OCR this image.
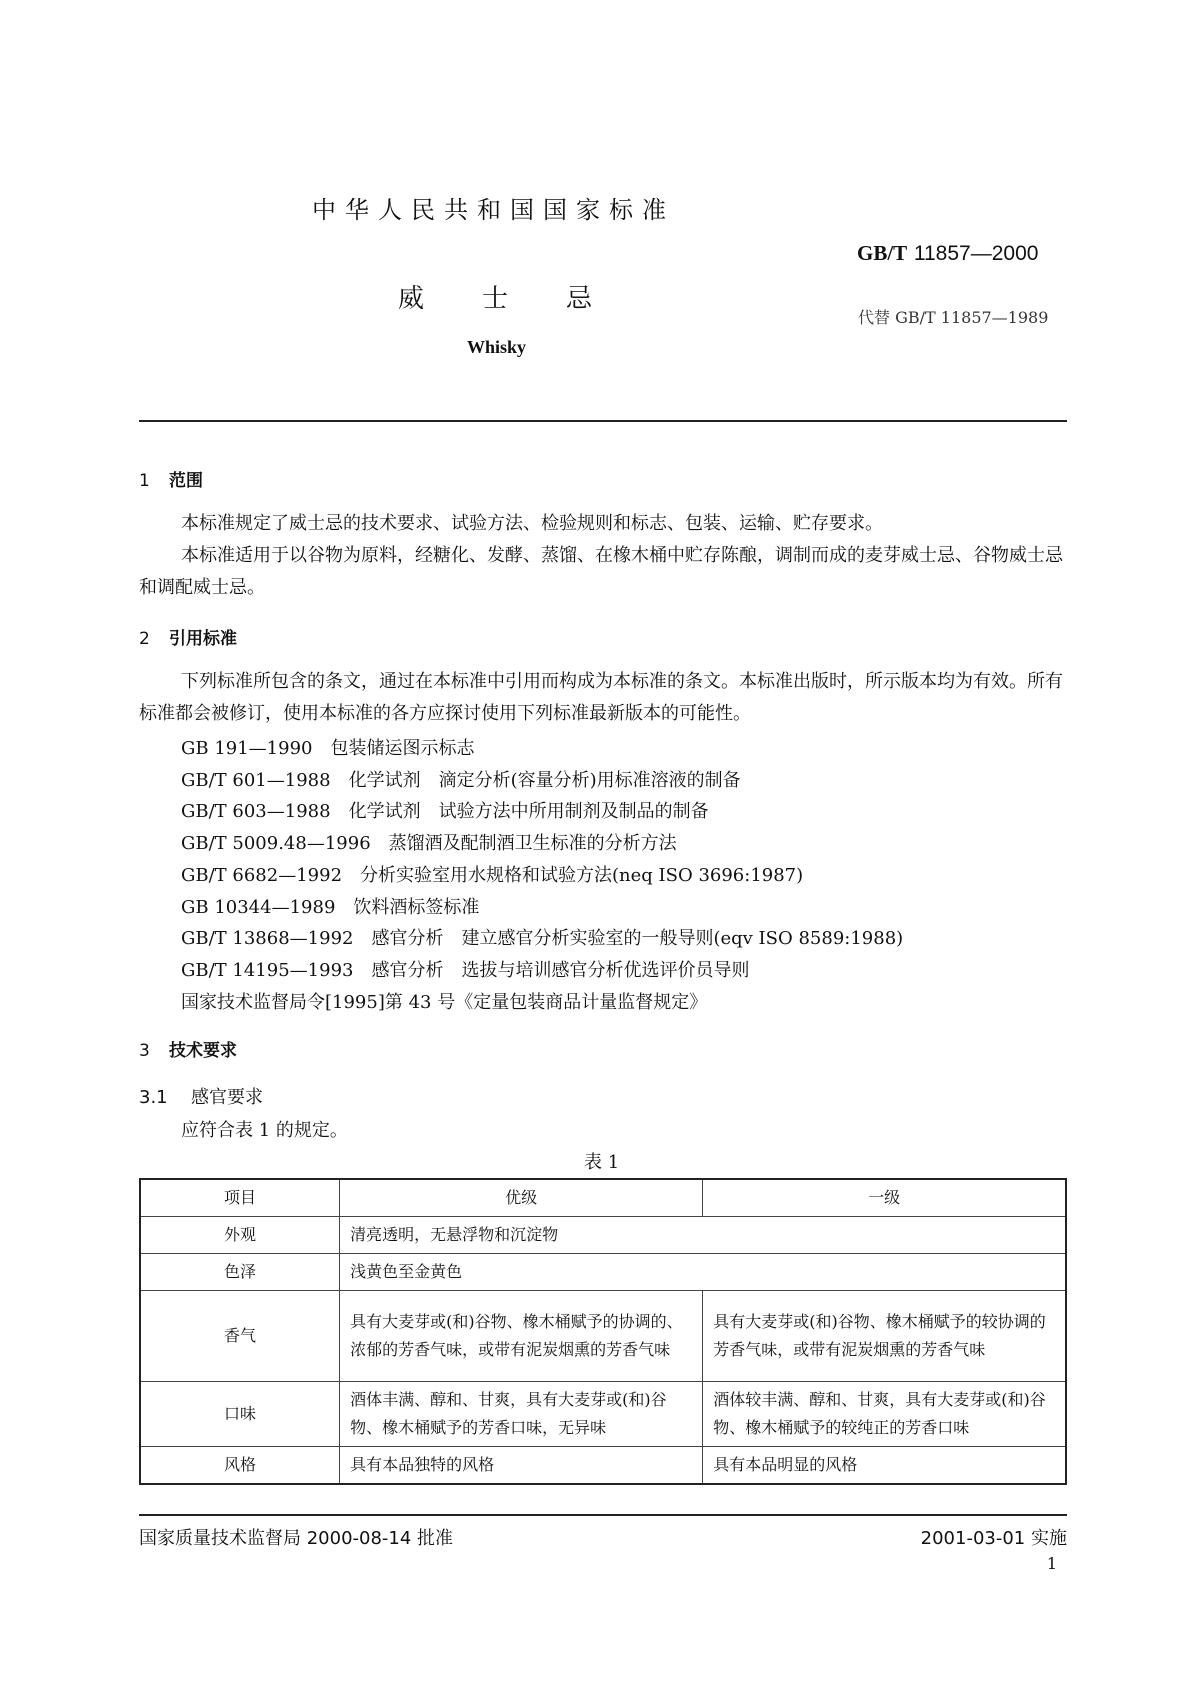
中华人民共和国国家标准
GB/T 11857—2000
威 士 忌
代替 GB/T 11857—1989
Whisky
1 范围
本标准规定了威士忌的技术要求、试验方法、检验规则和标志、包装、运输、贮存要求。
本标准适用于以谷物为原料，经糖化、发酵、蒸馏、在橡木桶中贮存陈酿，调制而成的麦芽威士忌、谷物威士忌和调配威士忌。
2 引用标准
下列标准所包含的条文，通过在本标准中引用而构成为本标准的条文。本标准出版时，所示版本均为有效。所有标准都会被修订，使用本标准的各方应探讨使用下列标准最新版本的可能性。
GB 191—1990 包装储运图示标志
GB/T 601—1988 化学试剂　滴定分析(容量分析)用标准溶液的制备
GB/T 603—1988 化学试剂　试验方法中所用制剂及制品的制备
GB/T 5009.48—1996 蒸馏酒及配制酒卫生标准的分析方法
GB/T 6682—1992 分析实验室用水规格和试验方法(neq ISO 3696:1987)
GB 10344—1989 饮料酒标签标准
GB/T 13868—1992 感官分析　建立感官分析实验室的一般导则(eqv ISO 8589:1988)
GB/T 14195—1993 感官分析　选拔与培训感官分析优选评价员导则
国家技术监督局令[1995]第 43 号《定量包装商品计量监督规定》
3 技术要求
3.1 感官要求
应符合表 1 的规定。
表 1
项目	优级	一级
外观	清亮透明，无悬浮物和沉淀物	
色泽	浅黄色至金黄色	
香气	具有大麦芽或(和)谷物、橡木桶赋予的协调的、浓郁的芳香气味，或带有泥炭烟熏的芳香气味	具有大麦芽或(和)谷物、橡木桶赋予的较协调的芳香气味，或带有泥炭烟熏的芳香气味
口味	酒体丰满、醇和、甘爽，具有大麦芽或(和)谷物、橡木桶赋予的芳香口味，无异味	酒体较丰满、醇和、甘爽，具有大麦芽或(和)谷物、橡木桶赋予的较纯正的芳香口味
风格	具有本品独特的风格	具有本品明显的风格
国家质量技术监督局 2000-08-14 批准	2001-03-01 实施
1
